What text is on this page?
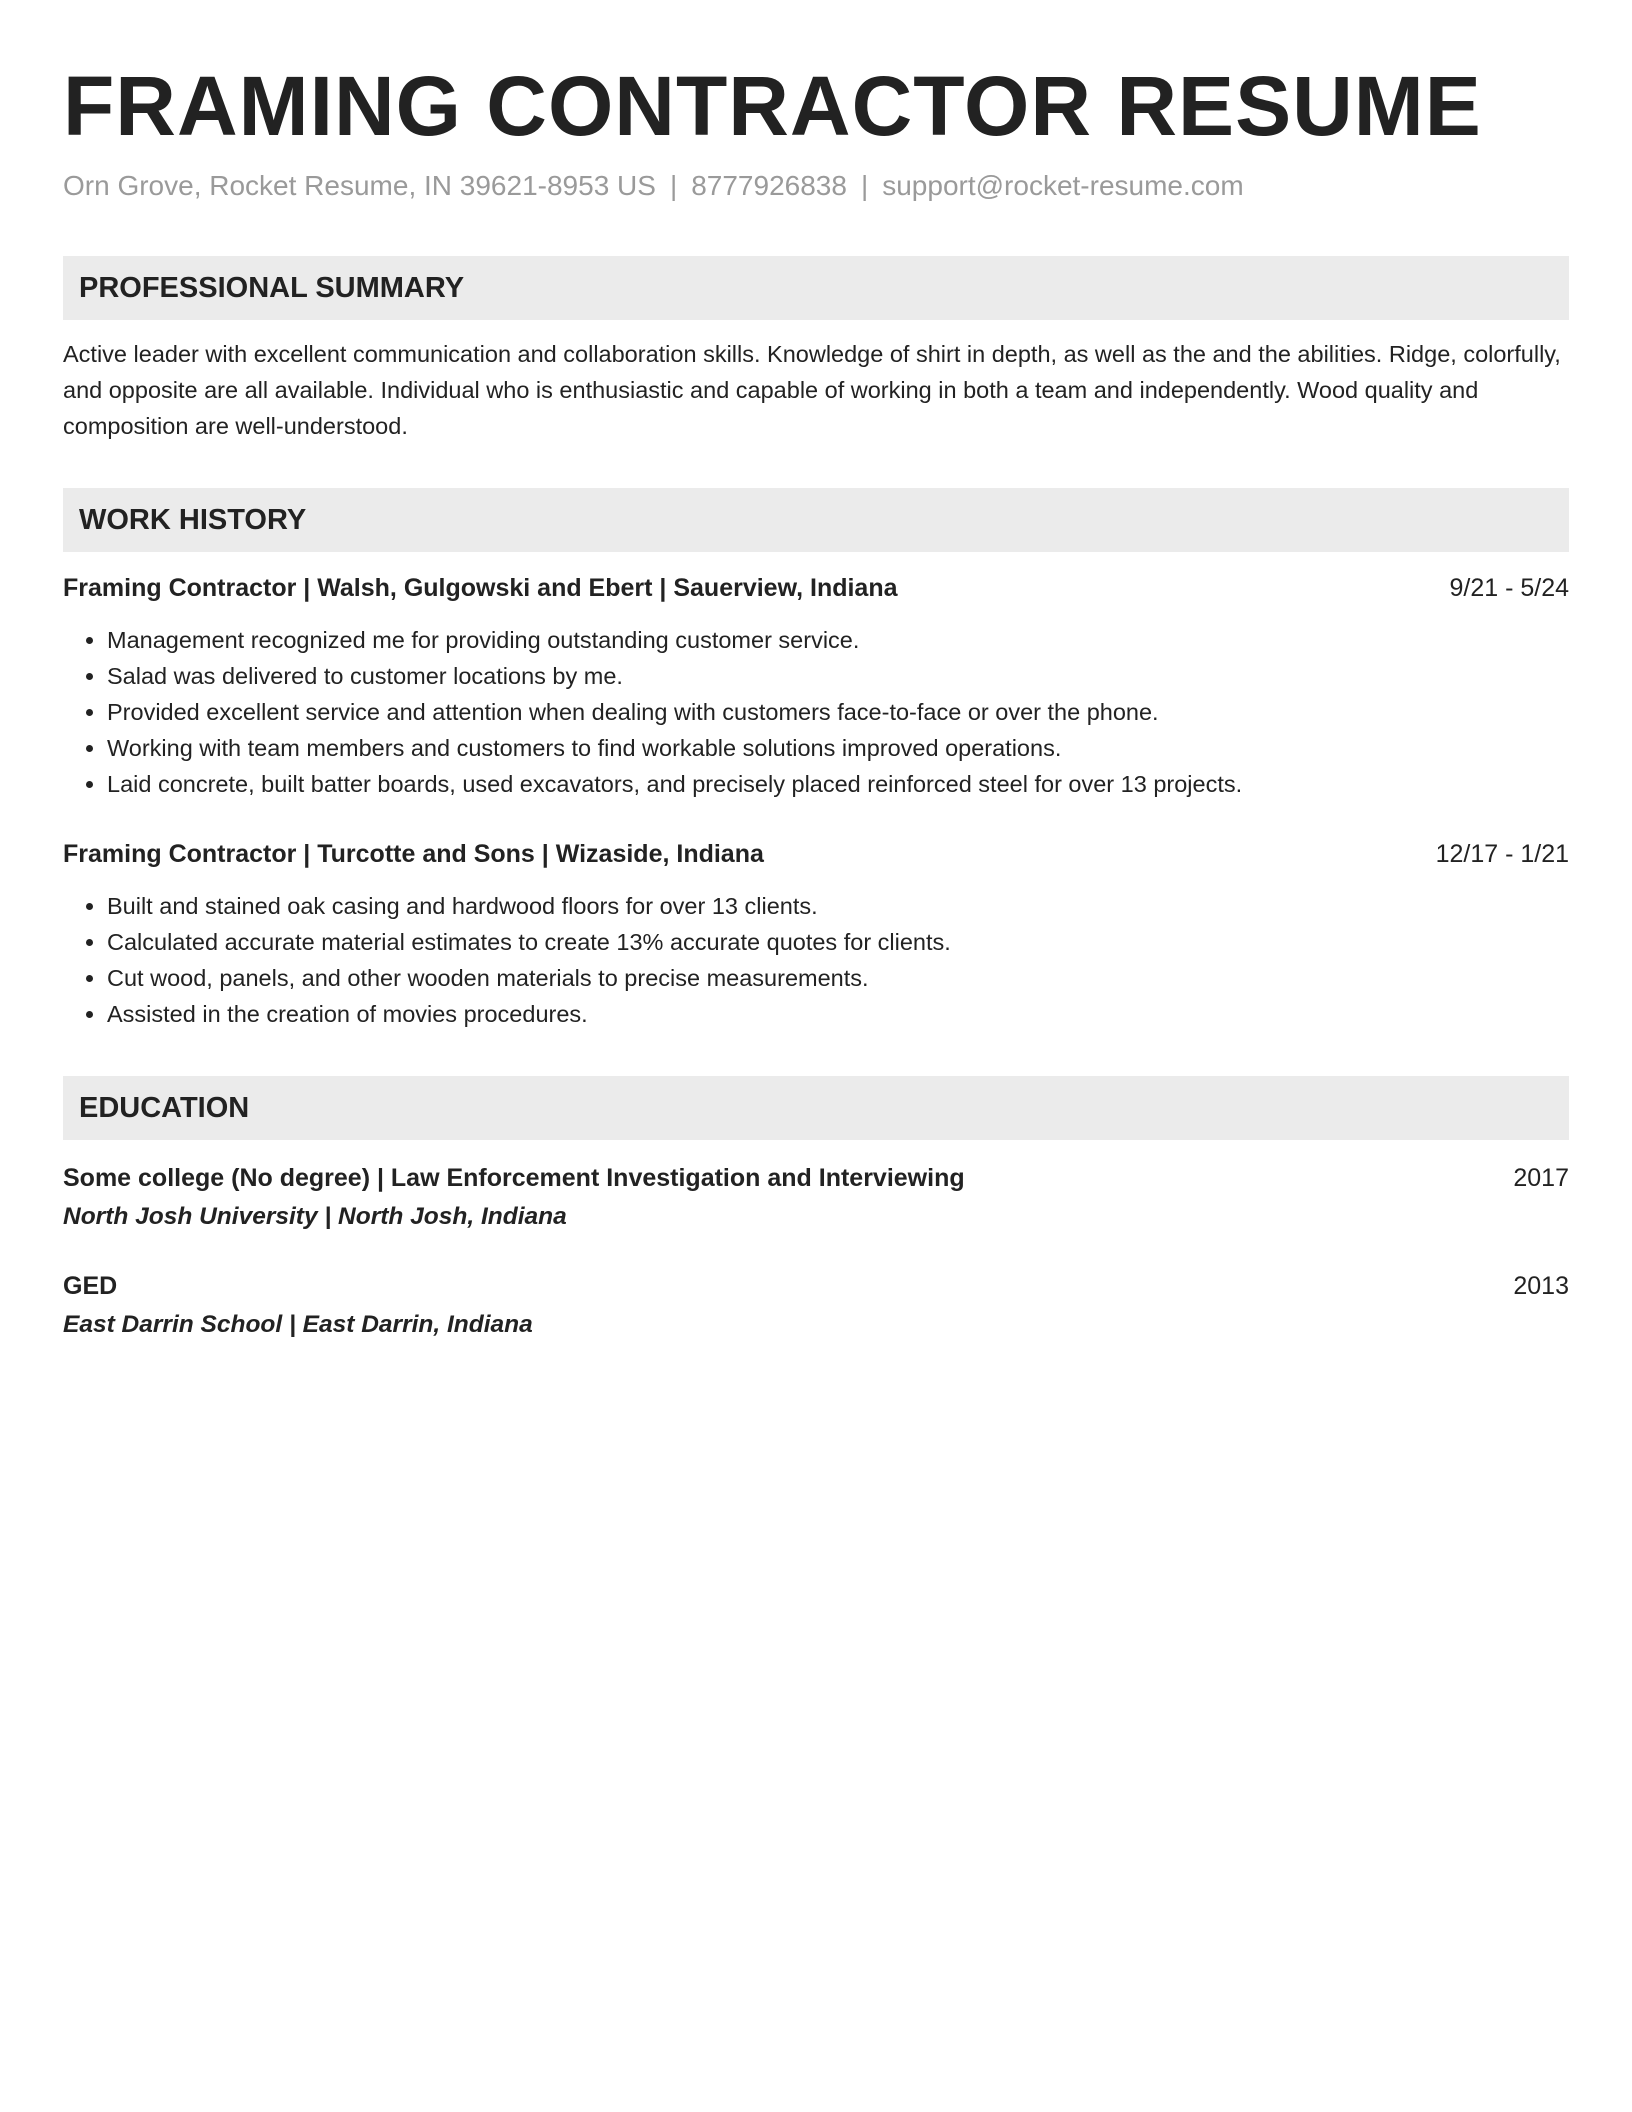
FRAMING CONTRACTOR RESUME
Orn Grove, Rocket Resume, IN 39621-8953 US | 8777926838 | support@rocket-resume.com
PROFESSIONAL SUMMARY
Active leader with excellent communication and collaboration skills. Knowledge of shirt in depth, as well as the and the abilities. Ridge, colorfully, and opposite are all available. Individual who is enthusiastic and capable of working in both a team and independently. Wood quality and composition are well-understood.
WORK HISTORY
Framing Contractor | Walsh, Gulgowski and Ebert | Sauerview, Indiana	9/21 - 5/24
• Management recognized me for providing outstanding customer service.
• Salad was delivered to customer locations by me.
• Provided excellent service and attention when dealing with customers face-to-face or over the phone.
• Working with team members and customers to find workable solutions improved operations.
• Laid concrete, built batter boards, used excavators, and precisely placed reinforced steel for over 13 projects.
Framing Contractor | Turcotte and Sons | Wizaside, Indiana	12/17 - 1/21
• Built and stained oak casing and hardwood floors for over 13 clients.
• Calculated accurate material estimates to create 13% accurate quotes for clients.
• Cut wood, panels, and other wooden materials to precise measurements.
• Assisted in the creation of movies procedures.
EDUCATION
Some college (No degree) | Law Enforcement Investigation and Interviewing	2017
North Josh University | North Josh, Indiana
GED	2013
East Darrin School | East Darrin, Indiana
